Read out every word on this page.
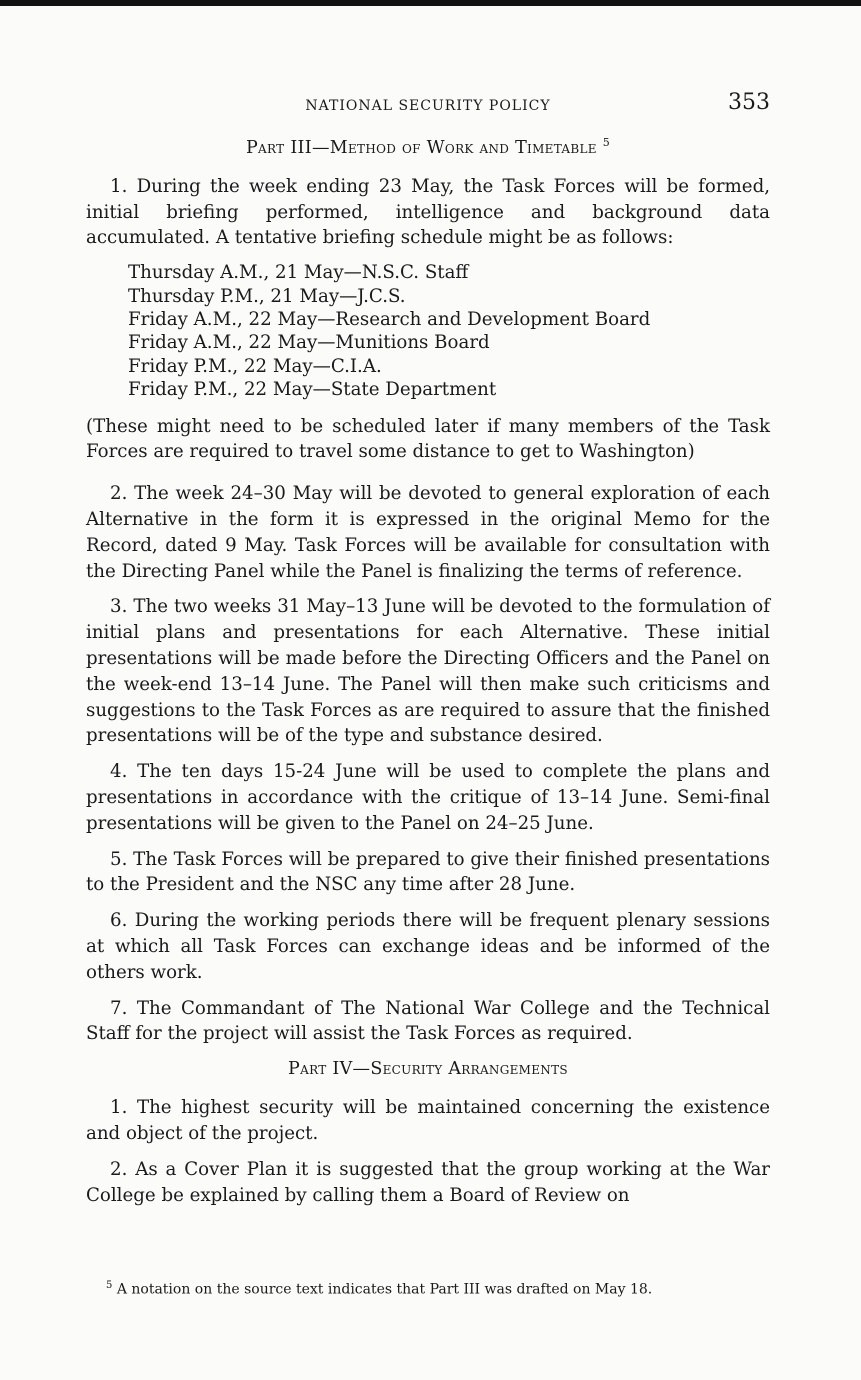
NATIONAL SECURITY POLICY	353
Part III—Method of Work and Timetable $^5$

1. During the week ending 23 May, the Task Forces will be formed, initial briefing performed, intelligence and background data accumulated. A tentative briefing schedule might be as follows:

Thursday A.M., 21 May—N.S.C. Staff
Thursday P.M., 21 May—J.C.S.
Friday A.M., 22 May—Research and Development Board
Friday A.M., 22 May—Munitions Board
Friday P.M., 22 May—C.I.A.
Friday P.M., 22 May—State Department

(These might need to be scheduled later if many members of the Task Forces are required to travel some distance to get to Washington)

2. The week 24–30 May will be devoted to general exploration of each Alternative in the form it is expressed in the original Memo for the Record, dated 9 May. Task Forces will be available for consultation with the Directing Panel while the Panel is finalizing the terms of reference.

3. The two weeks 31 May–13 June will be devoted to the formulation of initial plans and presentations for each Alternative. These initial presentations will be made before the Directing Officers and the Panel on the week-end 13–14 June. The Panel will then make such criticisms and suggestions to the Task Forces as are required to assure that the finished presentations will be of the type and substance desired.

4. The ten days 15-24 June will be used to complete the plans and presentations in accordance with the critique of 13–14 June. Semi-final presentations will be given to the Panel on 24–25 June.

5. The Task Forces will be prepared to give their finished presentations to the President and the NSC any time after 28 June.

6. During the working periods there will be frequent plenary sessions at which all Task Forces can exchange ideas and be informed of the others work.

7. The Commandant of The National War College and the Technical Staff for the project will assist the Task Forces as required.

Part IV—Security Arrangements

1. The highest security will be maintained concerning the existence and object of the project.

2. As a Cover Plan it is suggested that the group working at the War College be explained by calling them a Board of Review on

$^5$ A notation on the source text indicates that Part III was drafted on May 18.
